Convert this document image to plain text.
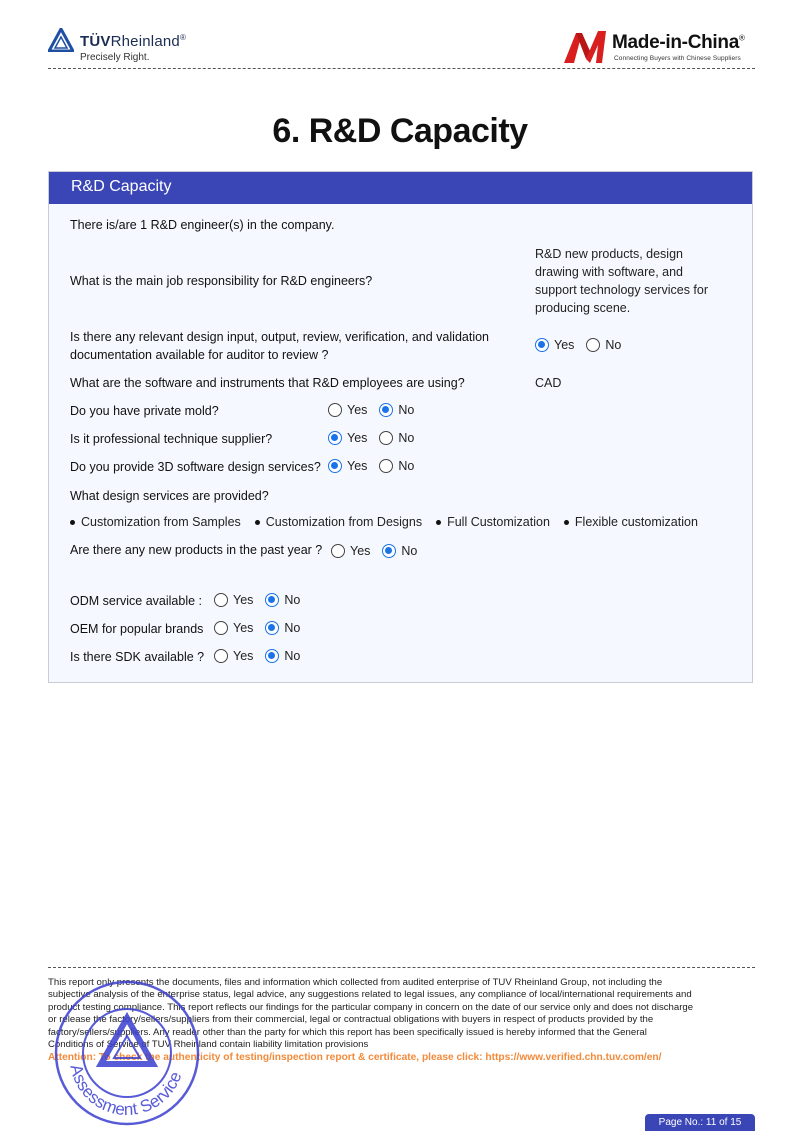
TÜVRheinland®
Precisely Right.
Made-in-China®
Connecting Buyers with Chinese Suppliers
6. R&D Capacity
R&D Capacity
There is/are 1 R&D engineer(s) in the company.
What is the main job responsibility for R&D engineers?
R&D new products, design
drawing with software, and
support technology services for
producing scene.
Is there any relevant design input, output, review, verification, and validation
documentation available for auditor to review ?
Yes No
What are the software and instruments that R&D employees are using?	CAD
Do you have private mold?	Yes No
Is it professional technique supplier?	Yes No
Do you provide 3D software design services? Yes No
What design services are provided?
Customization from Samples Customization from Designs Full Customization Flexible customization
Are there any new products in the past year ? Yes No
ODM service available : Yes No
OEM for popular brands Yes No
Is there SDK available ? Yes No
This report only presents the documents, files and information which collected from audited enterprise of TUV Rheinland Group, not including the
subjective analysis of the enterprise status, legal advice, any suggestions related to legal issues, any compliance of local/international requirements and
product testing compliance. This report reflects our findings for the particular company in concern on the date of our service only and does not discharge
or release the factory/sellers/suppliers from their commercial, legal or contractual obligations with buyers in respect of products provided by the
factory/sellers/suppliers. Any reader other than the party for which this report has been specifically issued is hereby informed that the General
Conditions of Service of TUV Rheinland contain liability limitation provisions
Attention: To check the authenticity of testing/inspection report & certificate, please click: https://www.verified.chn.tuv.com/en/
Assessment Service
Page No.: 11 of 15
